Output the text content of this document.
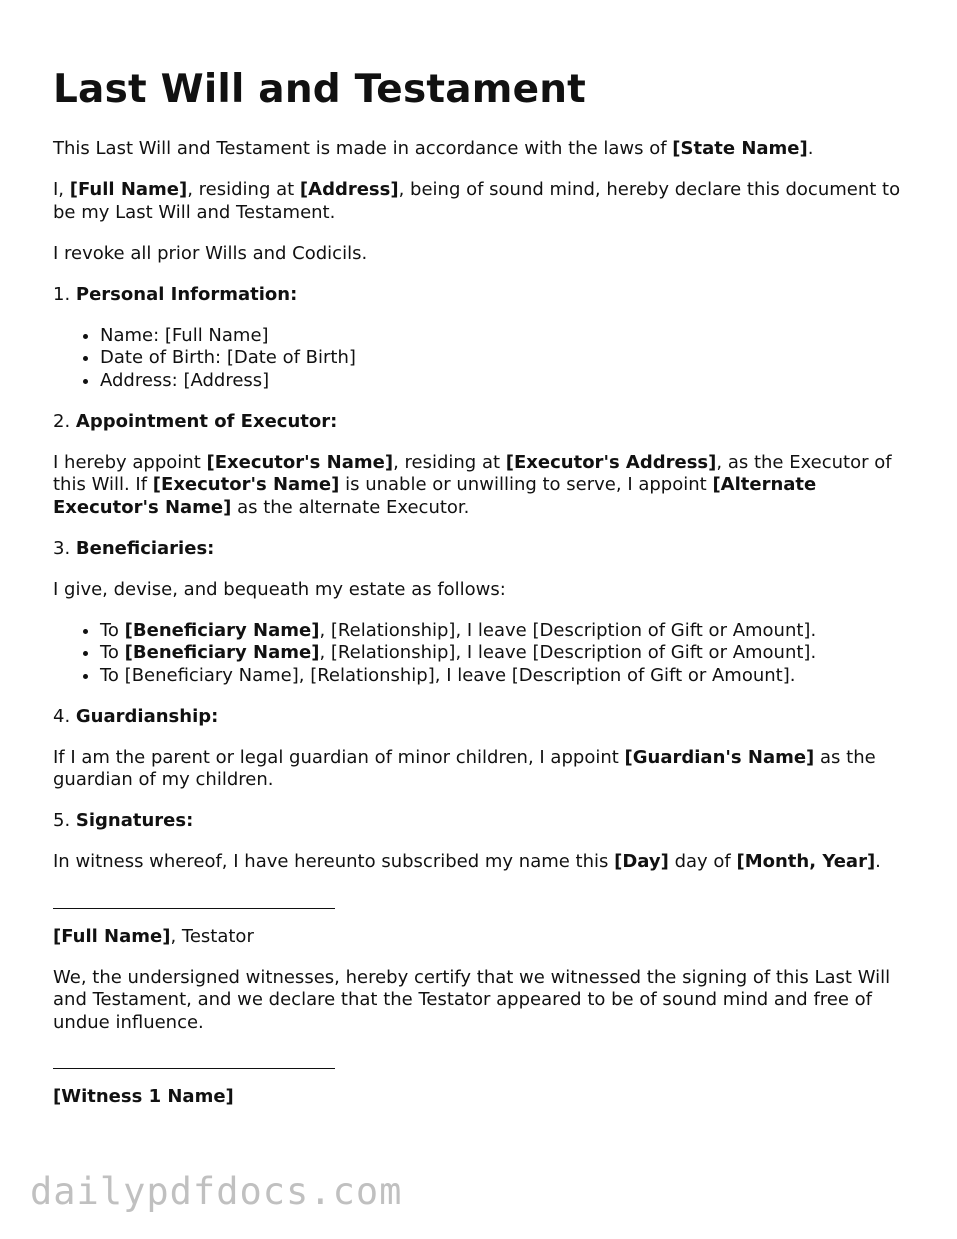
Last Will and Testament

This Last Will and Testament is made in accordance with the laws of [State Name].

I, [Full Name], residing at [Address], being of sound mind, hereby declare this document to be my Last Will and Testament.

I revoke all prior Wills and Codicils.

1. Personal Information:

• Name: [Full Name]
• Date of Birth: [Date of Birth]
• Address: [Address]

2. Appointment of Executor:

I hereby appoint [Executor's Name], residing at [Executor's Address], as the Executor of this Will. If [Executor's Name] is unable or unwilling to serve, I appoint [Alternate Executor's Name] as the alternate Executor.

3. Beneficiaries:

I give, devise, and bequeath my estate as follows:

• To [Beneficiary Name], [Relationship], I leave [Description of Gift or Amount].
• To [Beneficiary Name], [Relationship], I leave [Description of Gift or Amount].
• To [Beneficiary Name], [Relationship], I leave [Description of Gift or Amount].

4. Guardianship:

If I am the parent or legal guardian of minor children, I appoint [Guardian's Name] as the guardian of my children.

5. Signatures:

In witness whereof, I have hereunto subscribed my name this [Day] day of [Month, Year].

[Full Name], Testator

We, the undersigned witnesses, hereby certify that we witnessed the signing of this Last Will and Testament, and we declare that the Testator appeared to be of sound mind and free of undue influence.

[Witness 1 Name]

dailypdfdocs.com
